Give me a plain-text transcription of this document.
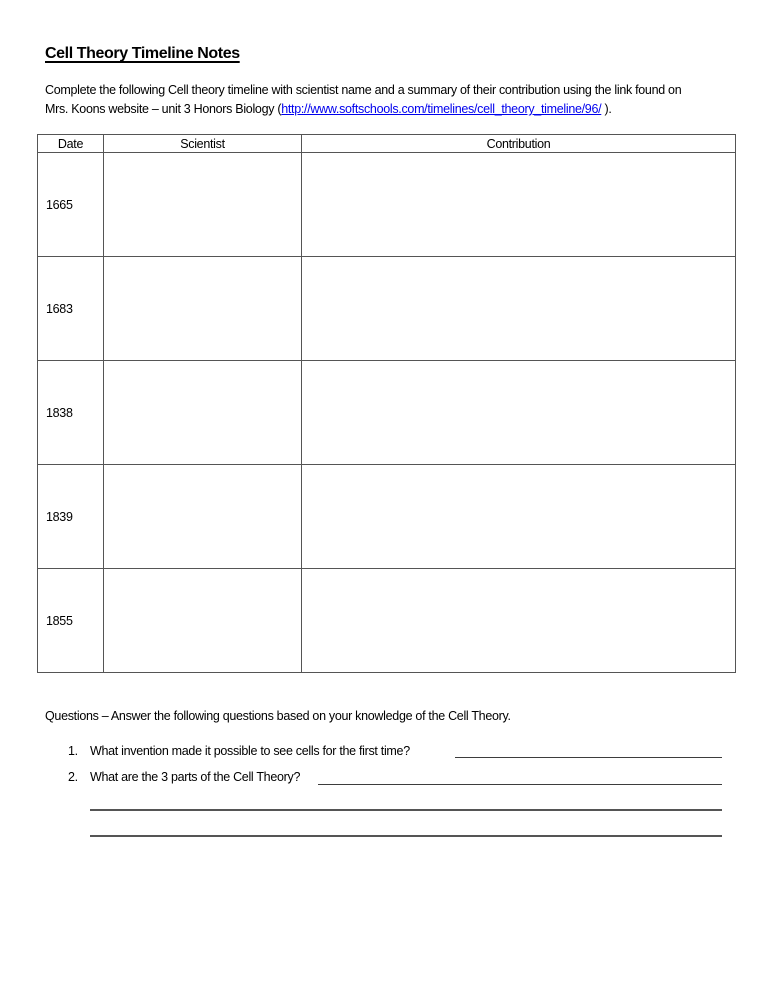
Cell Theory Timeline Notes

Complete the following Cell theory timeline with scientist name and a summary of their contribution using the link found on
Mrs. Koons website – unit 3 Honors Biology (http://www.softschools.com/timelines/cell_theory_timeline/96/ ).

Date	Scientist	Contribution
1665		
1683		
1838		
1839		
1855		

Questions – Answer the following questions based on your knowledge of the Cell Theory.

1. What invention made it possible to see cells for the first time?
2. What are the 3 parts of the Cell Theory?
